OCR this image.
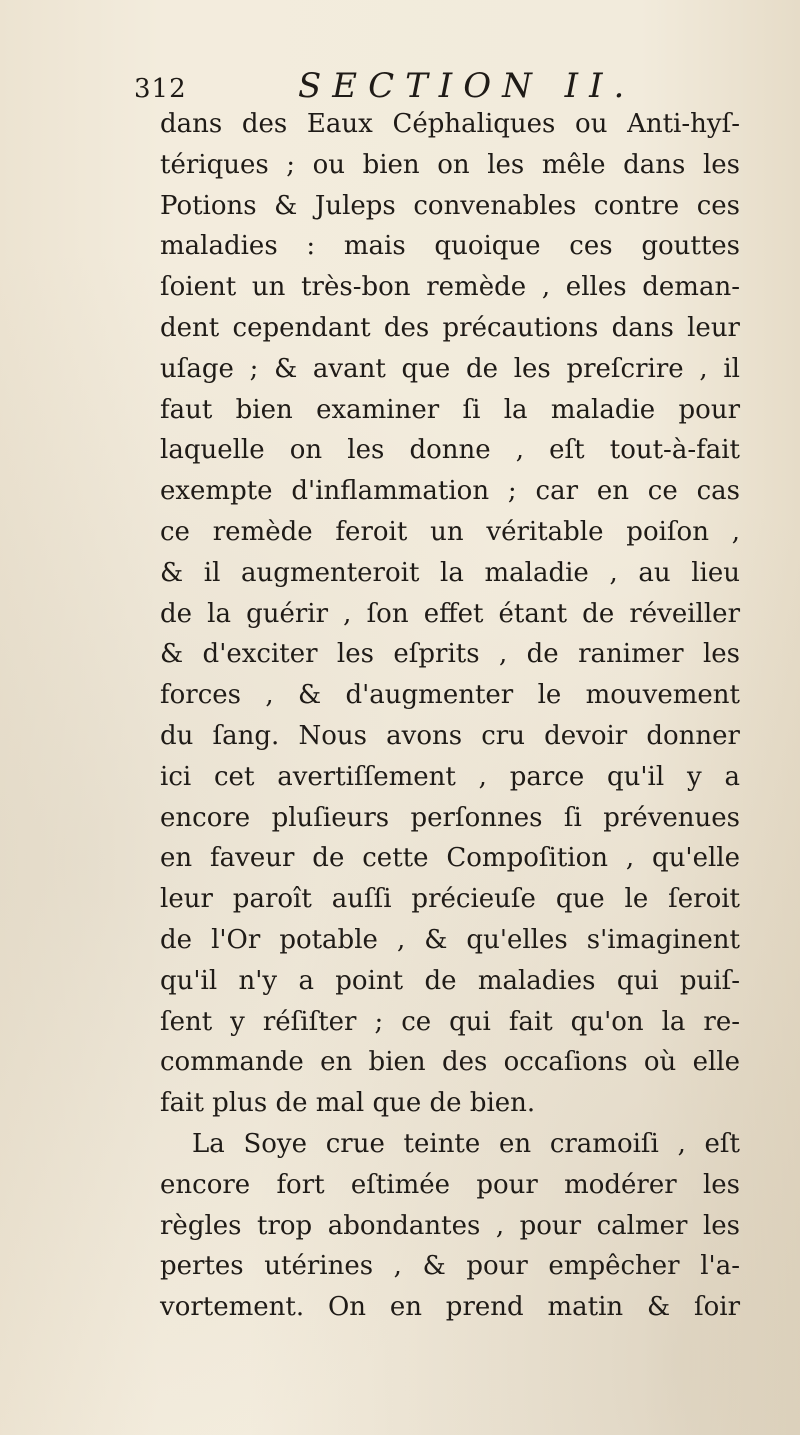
312	SECTION II.
dans des Eaux Céphaliques ou Anti-hyſ-
tériques ; ou bien on les mêle dans les
Potions & Juleps convenables contre ces
maladies : mais quoique ces gouttes
ſoient un très-bon remède , elles deman-
dent cependant des précautions dans leur
uſage ; & avant que de les preſcrire , il
faut bien examiner ſi la maladie pour
laquelle on les donne , eſt tout-à-fait
exempte d'inflammation ; car en ce cas
ce remède feroit un véritable poiſon ,
& il augmenteroit la maladie , au lieu
de la guérir , ſon effet étant de réveiller
& d'exciter les eſprits , de ranimer les
forces , & d'augmenter le mouvement
du ſang. Nous avons cru devoir donner
ici cet avertiſſement , parce qu'il y a
encore pluſieurs perſonnes ſi prévenues
en faveur de cette Compoſition , qu'elle
leur paroît auſſi précieuſe que le ſeroit
de l'Or potable , & qu'elles s'imaginent
qu'il n'y a point de maladies qui puiſ-
ſent y réſiſter ; ce qui fait qu'on la re-
commande en bien des occaſions où elle
fait plus de mal que de bien.
La Soye crue teinte en cramoiſi , eſt
encore fort eſtimée pour modérer les
règles trop abondantes , pour calmer les
pertes utérines , & pour empêcher l'a-
vortement. On en prend matin & ſoir
